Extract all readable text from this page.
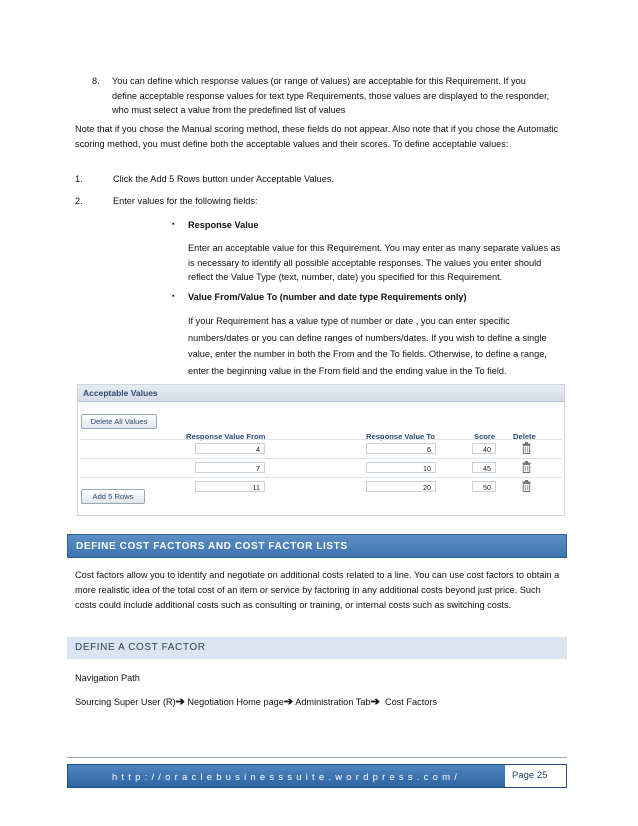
8. You can define which response values (or range of values) are acceptable for this Requirement. If you define acceptable response values for text type Requirements, those values are displayed to the responder, who must select a value from the predefined list of values

Note that if you chose the Manual scoring method, these fields do not appear. Also note that if you chose the Automatic scoring method, you must define both the acceptable values and their scores. To define acceptable values:

1.	Click the Add 5 Rows button under Acceptable Values.
2.	Enter values for the following fields:
▪ Response Value

Enter an acceptable value for this Requirement. You may enter as many separate values as is necessary to identify all possible acceptable responses. The values you enter should reflect the Value Type (text, number, date) you specified for this Requirement.

▪ Value From/Value To (number and date type Requirements only)

If your Requirement has a value type of number or date , you can enter specific numbers/dates or you can define ranges of numbers/dates. If you wish to define a single value, enter the number in both the From and the To fields. Otherwise, to define a range, enter the beginning value in the From field and the ending value in the To field.

Acceptable Values
Delete All Values
Response Value From	Response Value To	Score Delete
4	6	40
7	10	45
11	20	50
Add 5 Rows
DEFINE COST FACTORS AND COST FACTOR LISTS

Cost factors allow you to identify and negotiate on additional costs related to a line. You can use cost factors to obtain a more realistic idea of the total cost of an item or service by factoring in any additional costs beyond just price. Such costs could include additional costs such as consulting or training, or internal costs such as switching costs.

DEFINE A COST FACTOR
Navigation Path
Sourcing Super User (R)➔ Negotiation Home page➔ Administration Tab➔ Cost Factors
http://oraclebusinesssuite.wordpress.com/	Page 25
